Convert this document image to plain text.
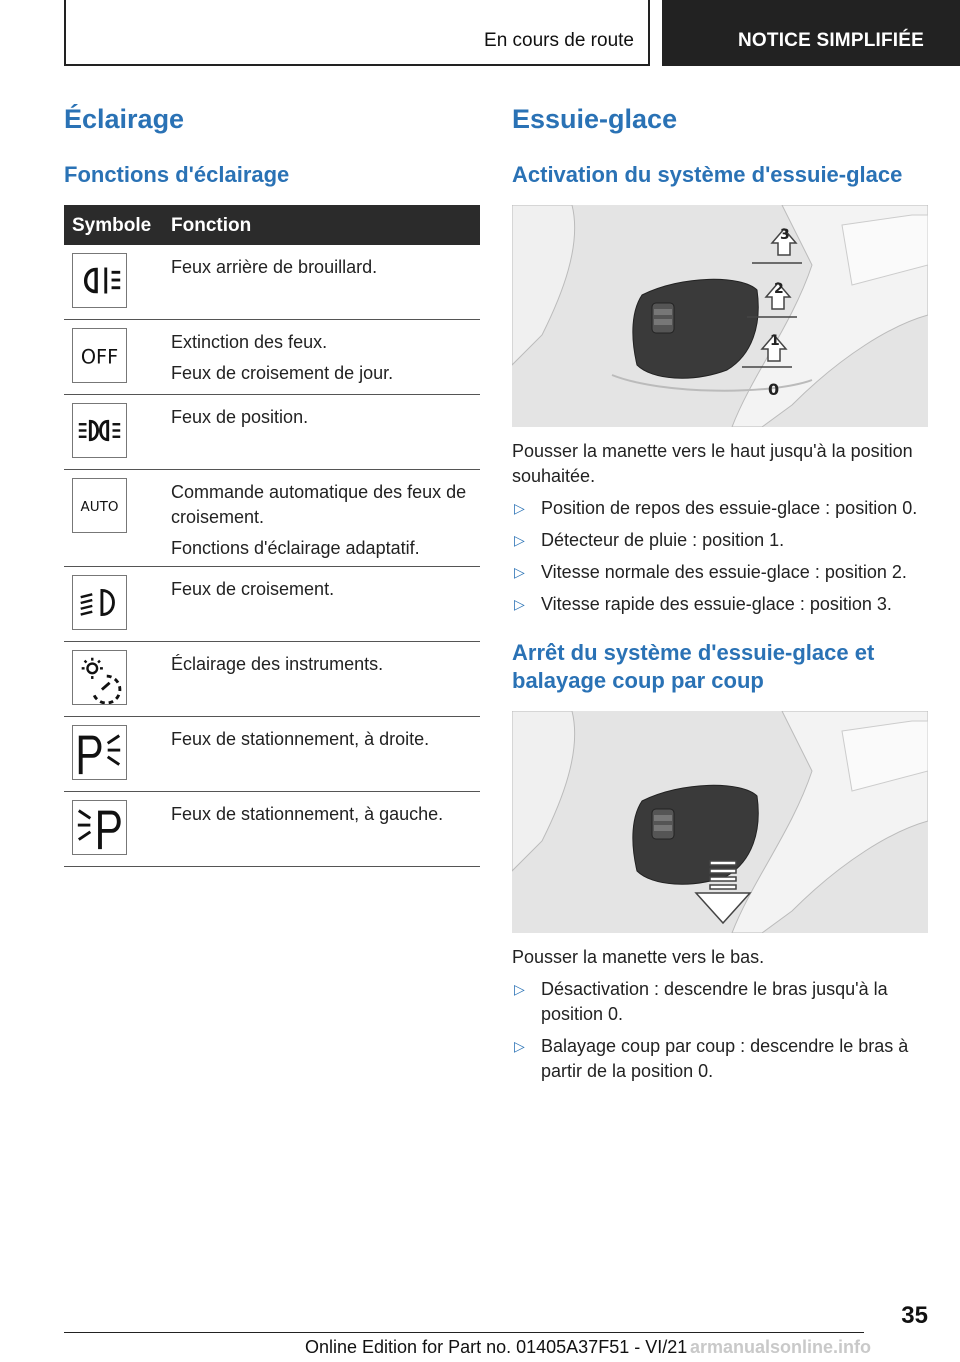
En cours de route	NOTICE SIMPLIFIÉE
Éclairage
Fonctions d'éclairage
Symbole Fonction

Feux arrière de brouillard.

OFF

Extinction des feux.

Feux de croisement de jour.

Feux de position.

AUTO

Commande automatique des feux de croisement.

Fonctions d'éclairage adaptatif.

Feux de croisement.

Éclairage des instruments.

Feux de stationnement, à droite.

Feux de stationnement, à gauche.

Essuie-glace
Activation du système d'essuie-glace
3
2
1
0

Pousser la manette vers le haut jusqu'à la position souhaitée.

▷ Position de repos des essuie-glace : position 0.
▷ Détecteur de pluie : position 1.
▷ Vitesse normale des essuie-glace : position 2.
▷ Vitesse rapide des essuie-glace : position 3.
Arrêt du système d'essuie-glace et balayage coup par coup

Pousser la manette vers le bas.

▷ Désactivation : descendre le bras jusqu'à la position 0.
▷ Balayage coup par coup : descendre le bras à partir de la position 0.
35
Online Edition for Part no. 01405A37F51 - VI/21 armanualsonline.info
